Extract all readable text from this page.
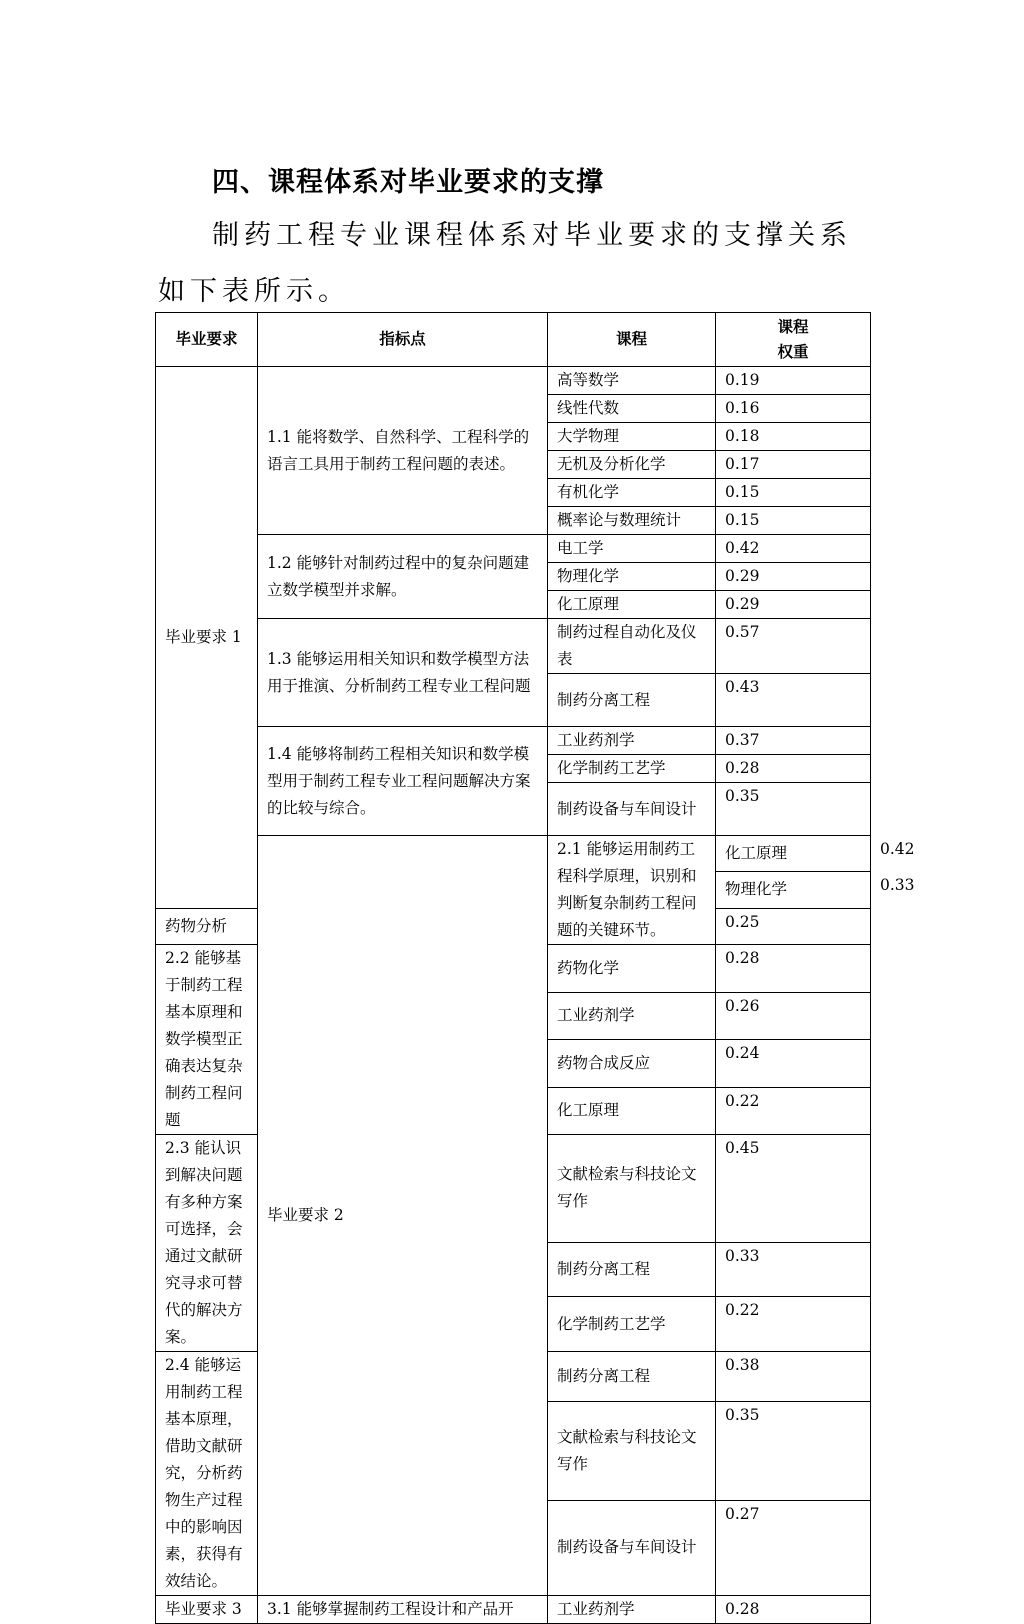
四、课程体系对毕业要求的支撑
制药工程专业课程体系对毕业要求的支撑关系如下表所示。
毕业要求	指标点	课程	课程
权重	

毕业要求 1	1.1 能将数学、自然科学、工程科学的语言工具用于制药工程问题的表述。	高等数学	0.19	
		线性代数	0.16	
		大学物理	0.18	
		无机及分析化学	0.17	
		有机化学	0.15	
		概率论与数理统计	0.15	
	1.2 能够针对制药过程中的复杂问题建立数学模型并求解。	电工学	0.42	
		物理化学	0.29	
		化工原理	0.29	
	1.3 能够运用相关知识和数学模型方法用于推演、分析制药工程专业工程问题	制药过程自动化及仪表	0.57	
		制药分离工程	0.43	
	1.4 能够将制药工程相关知识和数学模型用于制药工程专业工程问题解决方案的比较与综合。	工业药剂学	0.37	
		化学制药工艺学	0.28	
		制药设备与车间设计	0.35	
	毕业要求 2	2.1 能够运用制药工程科学原理，识别和判断复杂制药工程问题的关键环节。	化工原理	0.42
			物理化学	0.33
药物分析			0.25	
2.2 能够基于制药工程基本原理和数学模型正确表达复杂制药工程问题		药物化学	0.28	
		工业药剂学	0.26	
		药物合成反应	0.24	
		化工原理	0.22	
2.3 能认识到解决问题有多种方案可选择，会通过文献研究寻求可替代的解决方案。		文献检索与科技论文写作	0.45	
		制药分离工程	0.33	
		化学制药工艺学	0.22	
2.4 能够运用制药工程基本原理，借助文献研究，分析药物生产过程中的影响因素，获得有效结论。		制药分离工程	0.38	
		文献检索与科技论文写作	0.35	
		制药设备与车间设计	0.27	
毕业要求 3	3.1 能够掌握制药工程设计和产品开	工业药剂学	0.28	
